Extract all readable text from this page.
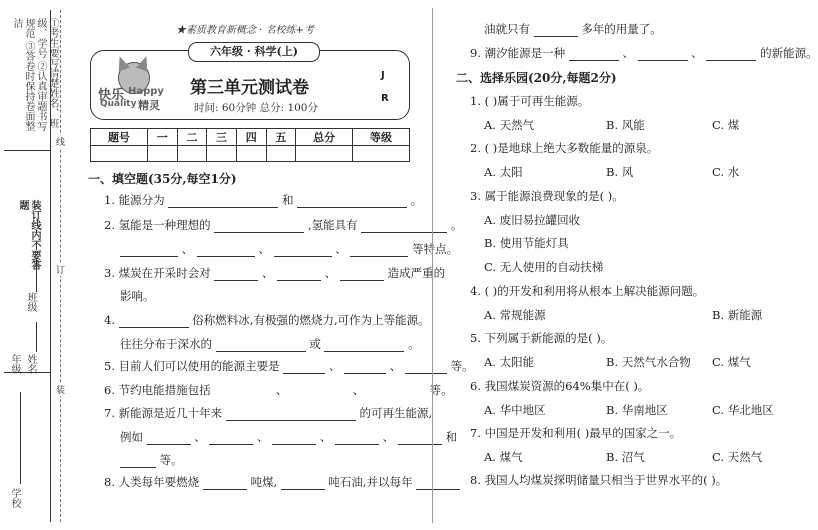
①考生要写清楚姓名、班级、学号 ②认真审题书写规范 ③答卷时保持卷面整洁
装订线内不要答题
班级
姓名
年级
学校
线
订
装
★素质教育新概念 · 名校练+考
六年级 · 科学(上)
快乐 Happy
Quality 精灵
第三单元测试卷
时间: 60分钟 总分: 100分
J
R
题号	一	二	三	四	五	总分	等级

一、填空题(35分,每空1分)
1. 能源分为	和	。
2. 氢能是一种理想的	,氢能具有	。
、	、	、	等特点。
3. 煤炭在开采时会对	、	、	造成严重的
影响。
4.	俗称燃料冰,有极强的燃烧力,可作为上等能源。
往往分布于深水的	或	。
5. 目前人们可以使用的能源主要是	、	、	等。
6. 节约电能措施包括	、	、	等。
7. 新能源是近几十年来	的可再生能源,
例如	、	、	、	、	和
等。
8. 人类每年要燃烧	吨煤,	吨石油,并以每年
油就只有	多年的用量了。
9. 潮汐能源是一种	、	、	的新能源。
二、选择乐园(20分,每题2分)
1. ( )属于可再生能源。
A. 天然气	B. 风能	C. 煤
2. ( )是地球上绝大多数能量的源泉。
A. 太阳	B. 风	C. 水
3. 属于能源浪费现象的是( )。
A. 废旧易拉罐回收
B. 使用节能灯具
C. 无人使用的自动扶梯
4. ( )的开发和利用将从根本上解决能源问题。
A. 常规能源	B. 新能源
5. 下列属于新能源的是( )。
A. 太阳能	B. 天然气水合物 C. 煤气
6. 我国煤炭资源的64%集中在( )。
A. 华中地区	B. 华南地区	C. 华北地区
7. 中国是开发和利用( )最早的国家之一。
A. 煤气	B. 沼气	C. 天然气
8. 我国人均煤炭探明储量只相当于世界水平的( )。
